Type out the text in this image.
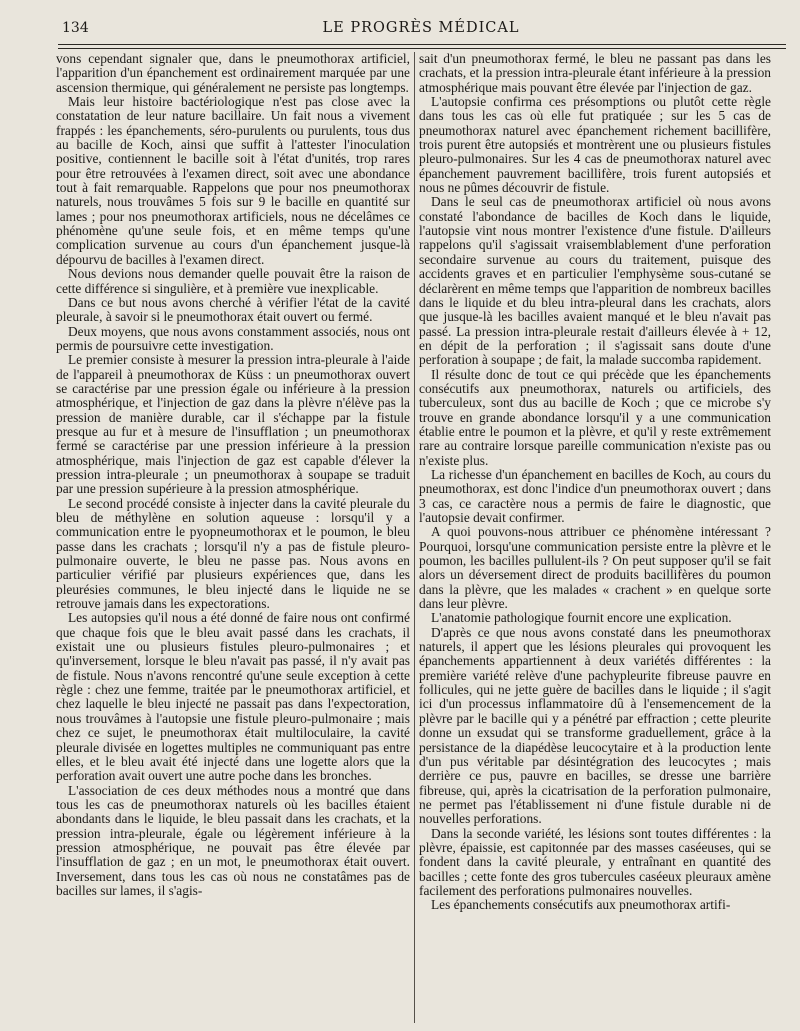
134	LE PROGRÈS MÉDICAL

vons cependant signaler que, dans le pneumothorax artificiel, l'apparition d'un épanchement est ordinairement marquée par une ascension thermique, qui généralement ne persiste pas longtemps.

Mais leur histoire bactériologique n'est pas close avec la constatation de leur nature bacillaire. Un fait nous a vivement frappés : les épanchements, séro-purulents ou purulents, tous dus au bacille de Koch, ainsi que suffit à l'attester l'inoculation positive, contiennent le bacille soit à l'état d'unités, trop rares pour être retrouvées à l'examen direct, soit avec une abondance tout à fait remarquable. Rappelons que pour nos pneumothorax naturels, nous trouvâmes 5 fois sur 9 le bacille en quantité sur lames ; pour nos pneumothorax artificiels, nous ne décelâmes ce phénomène qu'une seule fois, et en même temps qu'une complication survenue au cours d'un épanchement jusque-là dépourvu de bacilles à l'examen direct.

Nous devions nous demander quelle pouvait être la raison de cette différence si singulière, et à première vue inexplicable.

Dans ce but nous avons cherché à vérifier l'état de la cavité pleurale, à savoir si le pneumothorax était ouvert ou fermé.

Deux moyens, que nous avons constamment associés, nous ont permis de poursuivre cette investigation.

Le premier consiste à mesurer la pression intra-pleurale à l'aide de l'appareil à pneumothorax de Küss : un pneumothorax ouvert se caractérise par une pression égale ou inférieure à la pression atmosphérique, et l'injection de gaz dans la plèvre n'élève pas la pression de manière durable, car il s'échappe par la fistule presque au fur et à mesure de l'insufflation ; un pneumothorax fermé se caractérise par une pression inférieure à la pression atmosphérique, mais l'injection de gaz est capable d'élever la pression intra-pleurale ; un pneumothorax à soupape se traduit par une pression supérieure à la pression atmosphérique.

Le second procédé consiste à injecter dans la cavité pleurale du bleu de méthylène en solution aqueuse : lorsqu'il y a communication entre le pyopneumothorax et le poumon, le bleu passe dans les crachats ; lorsqu'il n'y a pas de fistule pleuro-pulmonaire ouverte, le bleu ne passe pas. Nous avons en particulier vérifié par plusieurs expériences que, dans les pleurésies communes, le bleu injecté dans le liquide ne se retrouve jamais dans les expectorations.

Les autopsies qu'il nous a été donné de faire nous ont confirmé que chaque fois que le bleu avait passé dans les crachats, il existait une ou plusieurs fistules pleuro-pulmonaires ; et qu'inversement, lorsque le bleu n'avait pas passé, il n'y avait pas de fistule. Nous n'avons rencontré qu'une seule exception à cette règle : chez une femme, traitée par le pneumothorax artificiel, et chez laquelle le bleu injecté ne passait pas dans l'expectoration, nous trouvâmes à l'autopsie une fistule pleuro-pulmonaire ; mais chez ce sujet, le pneumothorax était multiloculaire, la cavité pleurale divisée en logettes multiples ne communiquant pas entre elles, et le bleu avait été injecté dans une logette alors que la perforation avait ouvert une autre poche dans les bronches.

L'association de ces deux méthodes nous a montré que dans tous les cas de pneumothorax naturels où les bacilles étaient abondants dans le liquide, le bleu passait dans les crachats, et la pression intra-pleurale, égale ou légèrement inférieure à la pression atmosphérique, ne pouvait pas être élevée par l'insufflation de gaz ; en un mot, le pneumothorax était ouvert. Inversement, dans tous les cas où nous ne constatâmes pas de bacilles sur lames, il s'agis-

sait d'un pneumothorax fermé, le bleu ne passant pas dans les crachats, et la pression intra-pleurale étant inférieure à la pression atmosphérique mais pouvant être élevée par l'injection de gaz.

L'autopsie confirma ces présomptions ou plutôt cette règle dans tous les cas où elle fut pratiquée ; sur les 5 cas de pneumothorax naturel avec épanchement richement bacillifère, trois purent être autopsiés et montrèrent une ou plusieurs fistules pleuro-pulmonaires. Sur les 4 cas de pneumothorax naturel avec épanchement pauvrement bacillifère, trois furent autopsiés et nous ne pûmes découvrir de fistule.

Dans le seul cas de pneumothorax artificiel où nous avons constaté l'abondance de bacilles de Koch dans le liquide, l'autopsie vint nous montrer l'existence d'une fistule. D'ailleurs rappelons qu'il s'agissait vraisemblablement d'une perforation secondaire survenue au cours du traitement, puisque des accidents graves et en particulier l'emphysème sous-cutané se déclarèrent en même temps que l'apparition de nombreux bacilles dans le liquide et du bleu intra-pleural dans les crachats, alors que jusque-là les bacilles avaient manqué et le bleu n'avait pas passé. La pression intra-pleurale restait d'ailleurs élevée à + 12, en dépit de la perforation ; il s'agissait sans doute d'une perforation à soupape ; de fait, la malade succomba rapidement.

Il résulte donc de tout ce qui précède que les épanchements consécutifs aux pneumothorax, naturels ou artificiels, des tuberculeux, sont dus au bacille de Koch ; que ce microbe s'y trouve en grande abondance lorsqu'il y a une communication établie entre le poumon et la plèvre, et qu'il y reste extrêmement rare au contraire lorsque pareille communication n'existe pas ou n'existe plus.

La richesse d'un épanchement en bacilles de Koch, au cours du pneumothorax, est donc l'indice d'un pneumothorax ouvert ; dans 3 cas, ce caractère nous a permis de faire le diagnostic, que l'autopsie devait confirmer.

A quoi pouvons-nous attribuer ce phénomène intéressant ? Pourquoi, lorsqu'une communication persiste entre la plèvre et le poumon, les bacilles pullulent-ils ? On peut supposer qu'il se fait alors un déversement direct de produits bacillifères du poumon dans la plèvre, que les malades « crachent » en quelque sorte dans leur plèvre.

L'anatomie pathologique fournit encore une explication.

D'après ce que nous avons constaté dans les pneumothorax naturels, il appert que les lésions pleurales qui provoquent les épanchements appartiennent à deux variétés différentes : la première variété relève d'une pachypleurite fibreuse pauvre en follicules, qui ne jette guère de bacilles dans le liquide ; il s'agit ici d'un processus inflammatoire dû à l'ensemencement de la plèvre par le bacille qui y a pénétré par effraction ; cette pleurite donne un exsudat qui se transforme graduellement, grâce à la persistance de la diapédèse leucocytaire et à la production lente d'un pus véritable par désintégration des leucocytes ; mais derrière ce pus, pauvre en bacilles, se dresse une barrière fibreuse, qui, après la cicatrisation de la perforation pulmonaire, ne permet pas l'établissement ni d'une fistule durable ni de nouvelles perforations.

Dans la seconde variété, les lésions sont toutes différentes : la plèvre, épaissie, est capitonnée par des masses caséeuses, qui se fondent dans la cavité pleurale, y entraînant en quantité des bacilles ; cette fonte des gros tubercules caséeux pleuraux amène facilement des perforations pulmonaires nouvelles.

Les épanchements consécutifs aux pneumothorax artifi-
